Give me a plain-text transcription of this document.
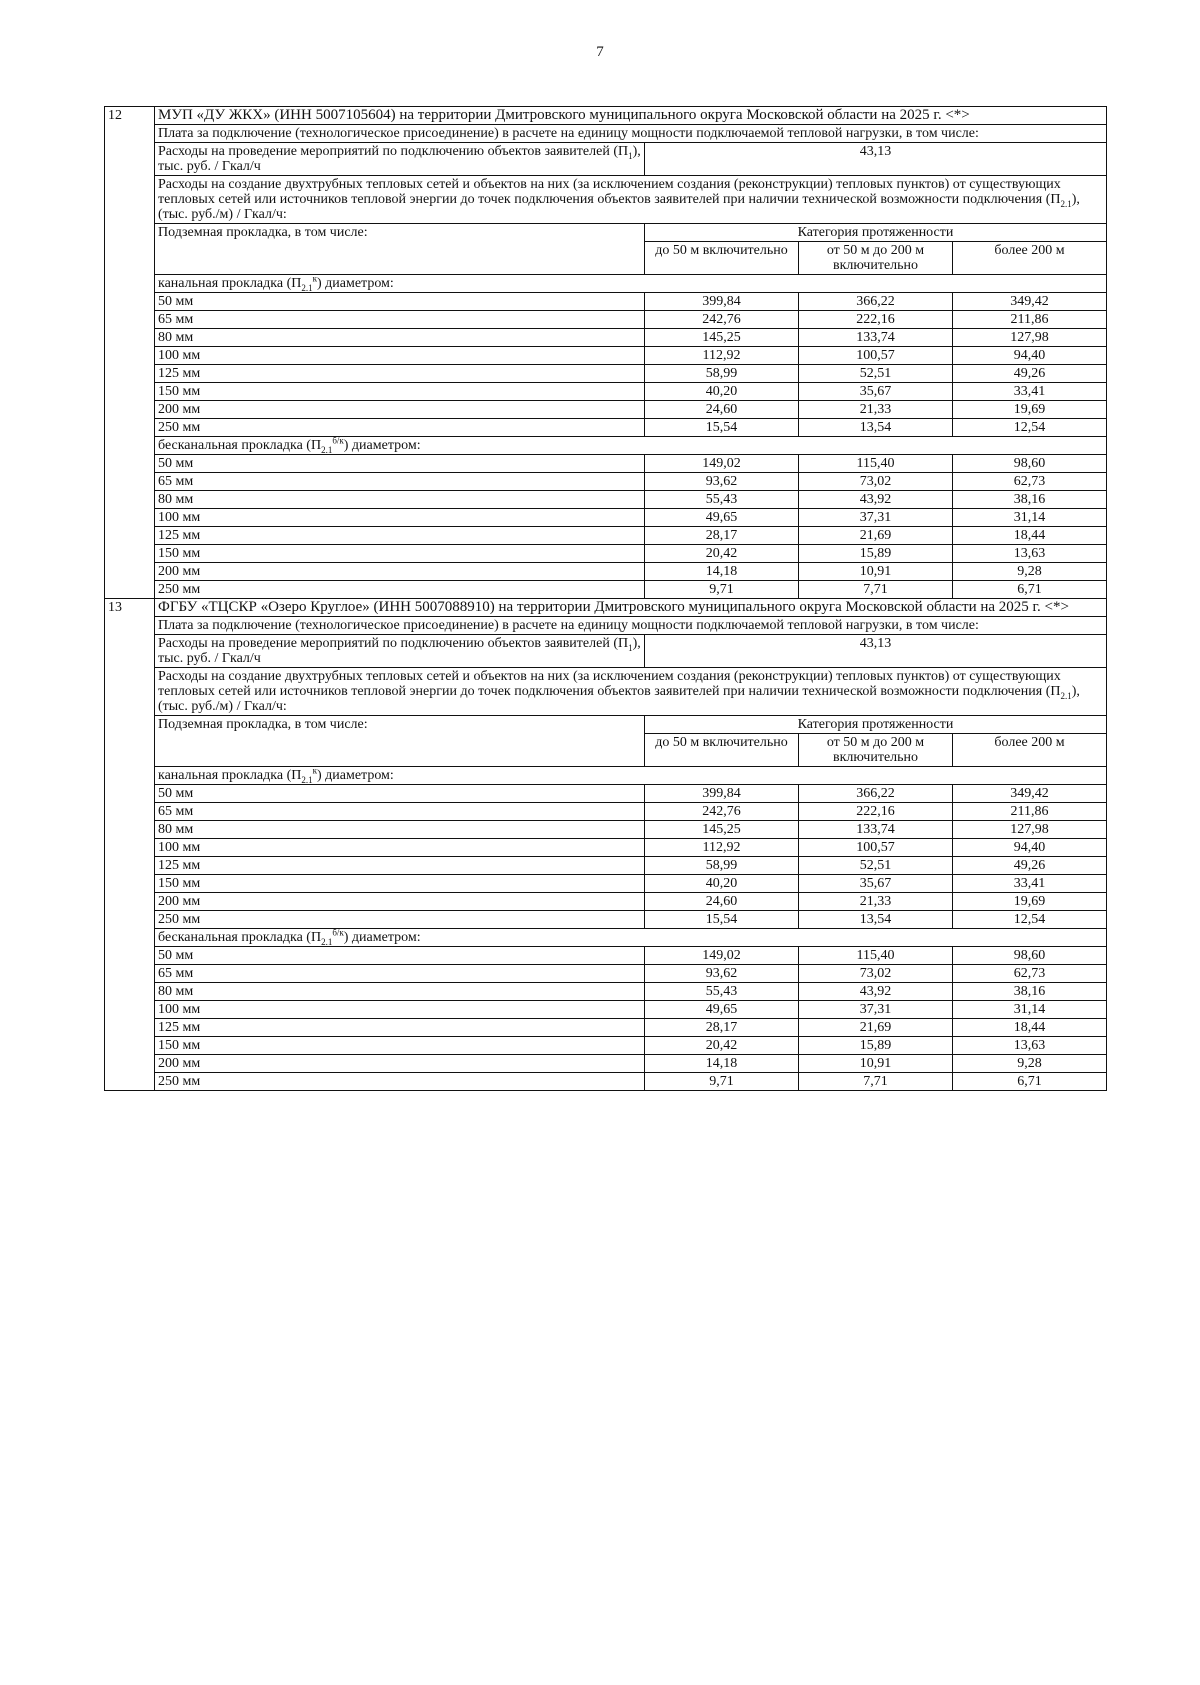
7
12	МУП «ДУ ЖКХ» (ИНН 5007105604) на территории Дмитровского муниципального округа Московской области на 2025 г. <*>			
	Плата за подключение (технологическое присоединение) в расчете на единицу мощности подключаемой тепловой нагрузки, в том числе:			
	Расходы на проведение мероприятий по подключению объектов заявителей $(П_1)$, тыс. руб. / Гкал/ч	43,13		
	Расходы на создание двухтрубных тепловых сетей и объектов на них (за исключением создания (реконструкции) тепловых пунктов) от существующих тепловых сетей или источников тепловой энергии до точек подключения объектов заявителей при наличии технической возможности подключения $(П_{2.1})$, (тыс. руб./м) / Гкал/ч:			
	Подземная прокладка, в том числе:	Категория протяженности		
		до 50 м включительно	от 50 м до 200 м включительно	более 200 м
	канальная прокладка $(П_{2.1}^к)$ диаметром:			
	50 мм	399,84	366,22	349,42
	65 мм	242,76	222,16	211,86
	80 мм	145,25	133,74	127,98
	100 мм	112,92	100,57	94,40
	125 мм	58,99	52,51	49,26
	150 мм	40,20	35,67	33,41
	200 мм	24,60	21,33	19,69
	250 мм	15,54	13,54	12,54
	бесканальная прокладка $(П_{2.1}^{б/к})$ диаметром:			
	50 мм	149,02	115,40	98,60
	65 мм	93,62	73,02	62,73
	80 мм	55,43	43,92	38,16
	100 мм	49,65	37,31	31,14
	125 мм	28,17	21,69	18,44
	150 мм	20,42	15,89	13,63
	200 мм	14,18	10,91	9,28
	250 мм	9,71	7,71	6,71
13	ФГБУ «ТЦСКР «Озеро Круглое» (ИНН 5007088910) на территории Дмитровского муниципального округа Московской области на 2025 г. <*>			
	Плата за подключение (технологическое присоединение) в расчете на единицу мощности подключаемой тепловой нагрузки, в том числе:			
	Расходы на проведение мероприятий по подключению объектов заявителей $(П_1)$, тыс. руб. / Гкал/ч	43,13		
	Расходы на создание двухтрубных тепловых сетей и объектов на них (за исключением создания (реконструкции) тепловых пунктов) от существующих тепловых сетей или источников тепловой энергии до точек подключения объектов заявителей при наличии технической возможности подключения $(П_{2.1})$, (тыс. руб./м) / Гкал/ч:			
	Подземная прокладка, в том числе:	Категория протяженности		
		до 50 м включительно	от 50 м до 200 м включительно	более 200 м
	канальная прокладка $(П_{2.1}^к)$ диаметром:			
	50 мм	399,84	366,22	349,42
	65 мм	242,76	222,16	211,86
	80 мм	145,25	133,74	127,98
	100 мм	112,92	100,57	94,40
	125 мм	58,99	52,51	49,26
	150 мм	40,20	35,67	33,41
	200 мм	24,60	21,33	19,69
	250 мм	15,54	13,54	12,54
	бесканальная прокладка $(П_{2.1}^{б/к})$ диаметром:			
	50 мм	149,02	115,40	98,60
	65 мм	93,62	73,02	62,73
	80 мм	55,43	43,92	38,16
	100 мм	49,65	37,31	31,14
	125 мм	28,17	21,69	18,44
	150 мм	20,42	15,89	13,63
	200 мм	14,18	10,91	9,28
	250 мм	9,71	7,71	6,71
